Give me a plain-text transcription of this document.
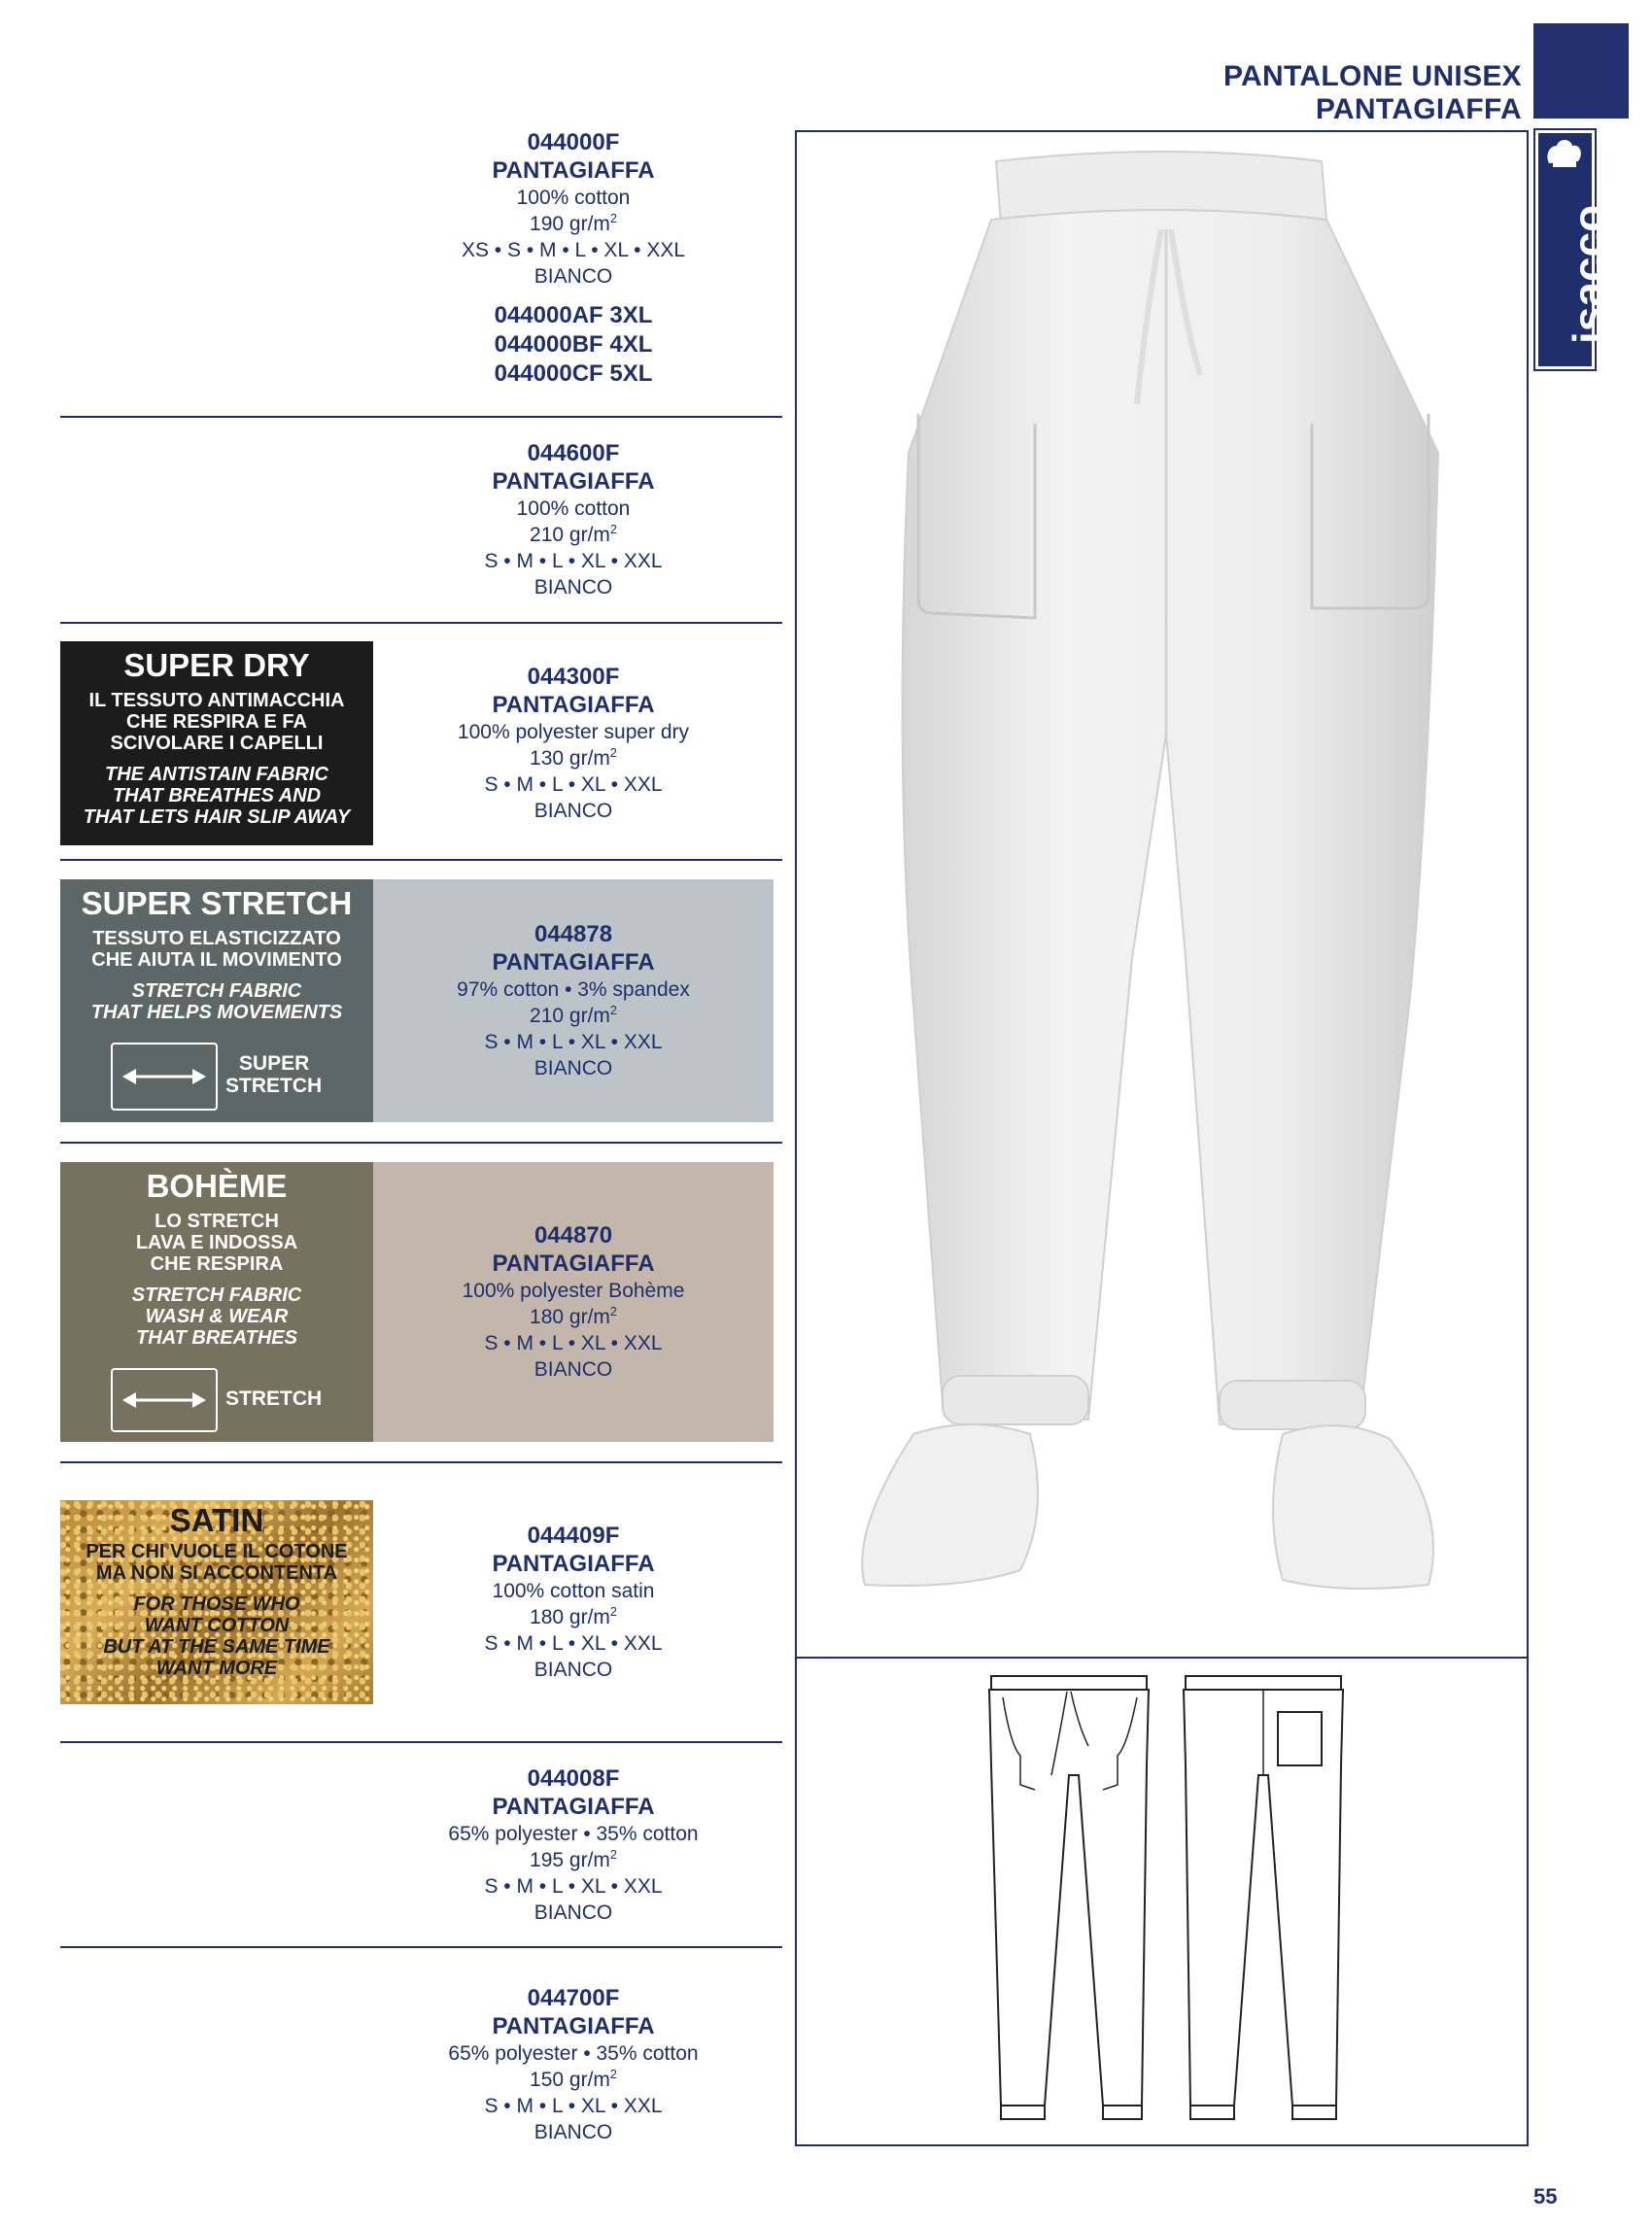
PANTALONE UNISEX
PANTAGIAFFA
isacco
044000F
PANTAGIAFFA
100% cotton
190 $gr/m^2$
XS • S • M • L • XL • XXL
BIANCO
044000AF 3XL
044000BF 4XL
044000CF 5XL
044600F
PANTAGIAFFA
100% cotton
210 $gr/m^2$
S • M • L • XL • XXL
BIANCO
SUPER DRY
IL TESSUTO ANTIMACCHIA
CHE RESPIRA E FA
SCIVOLARE I CAPELLI
THE ANTISTAIN FABRIC
THAT BREATHES AND
THAT LETS HAIR SLIP AWAY
044300F
PANTAGIAFFA
100% polyester super dry
130 $gr/m^2$
S • M • L • XL • XXL
BIANCO
SUPER STRETCH
TESSUTO ELASTICIZZATO
CHE AIUTA IL MOVIMENTO
STRETCH FABRIC
THAT HELPS MOVEMENTS
SUPER
STRETCH
044878
PANTAGIAFFA
97% cotton • 3% spandex
210 $gr/m^2$
S • M • L • XL • XXL
BIANCO
BOHÈME
LO STRETCH
LAVA E INDOSSA
CHE RESPIRA
STRETCH FABRIC
WASH & WEAR
THAT BREATHES
STRETCH
044870
PANTAGIAFFA
100% polyester Bohème
180 $gr/m^2$
S • M • L • XL • XXL
BIANCO
SATIN
PER CHI VUOLE IL COTONE
MA NON SI ACCONTENTA
FOR THOSE WHO
WANT COTTON
BUT AT THE SAME TIME
WANT MORE
044409F
PANTAGIAFFA
100% cotton satin
180 $gr/m^2$
S • M • L • XL • XXL
BIANCO
044008F
PANTAGIAFFA
65% polyester • 35% cotton
195 $gr/m^2$
S • M • L • XL • XXL
BIANCO
044700F
PANTAGIAFFA
65% polyester • 35% cotton
150 $gr/m^2$
S • M • L • XL • XXL
BIANCO
55
